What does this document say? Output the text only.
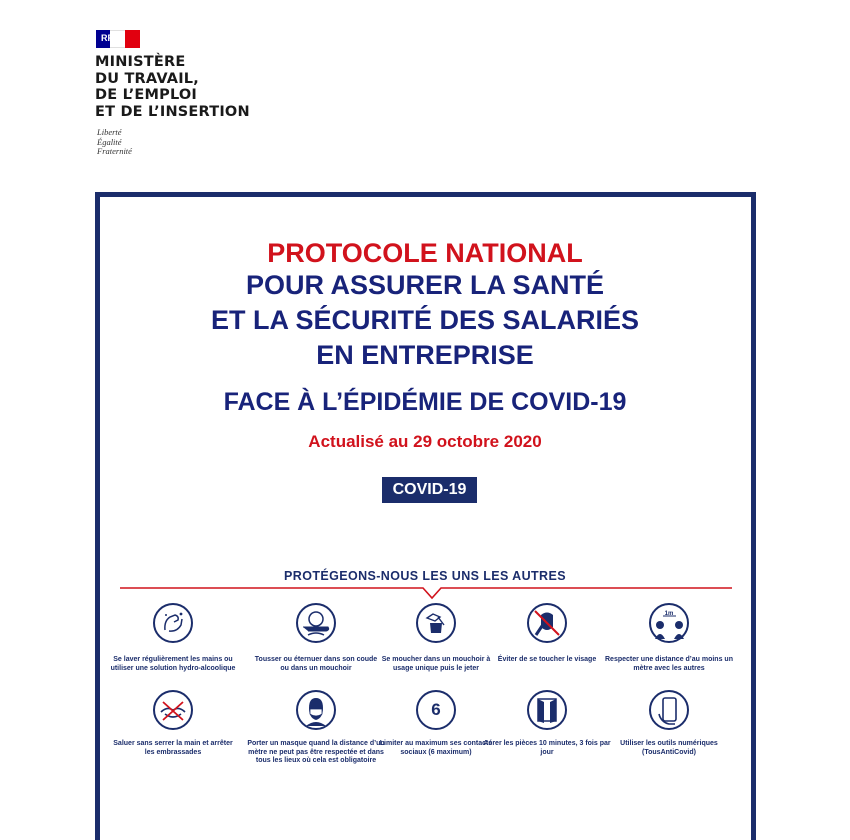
RF
MINISTÈRE
DU TRAVAIL,
DE L’EMPLOI
ET DE L’INSERTION
Liberté
Égalité
Fraternité
PROTOCOLE NATIONAL
POUR ASSURER LA SANTÉ
ET LA SÉCURITÉ DES SALARIÉS
EN ENTREPRISE
FACE À L’ÉPIDÉMIE DE COVID-19
Actualisé au 29 octobre 2020
COVID-19
PROTÉGEONS-NOUS LES UNS LES AUTRES
Se laver régulièrement les mains ou utiliser une solution hydro-alcoolique
Tousser ou éternuer dans son coude ou dans un mouchoir
Se moucher dans un mouchoir à usage unique puis le jeter
Éviter de se toucher le visage
1m
Respecter une distance d’au moins un mètre avec les autres
Saluer sans serrer la main et arrêter les embrassades
Porter un masque quand la distance d’un mètre ne peut pas être respectée et dans tous les lieux où cela est obligatoire
6
Limiter au maximum ses contacts sociaux (6 maximum)
Aérer les pièces 10 minutes, 3 fois par jour
Utiliser les outils numériques (TousAntiCovid)
